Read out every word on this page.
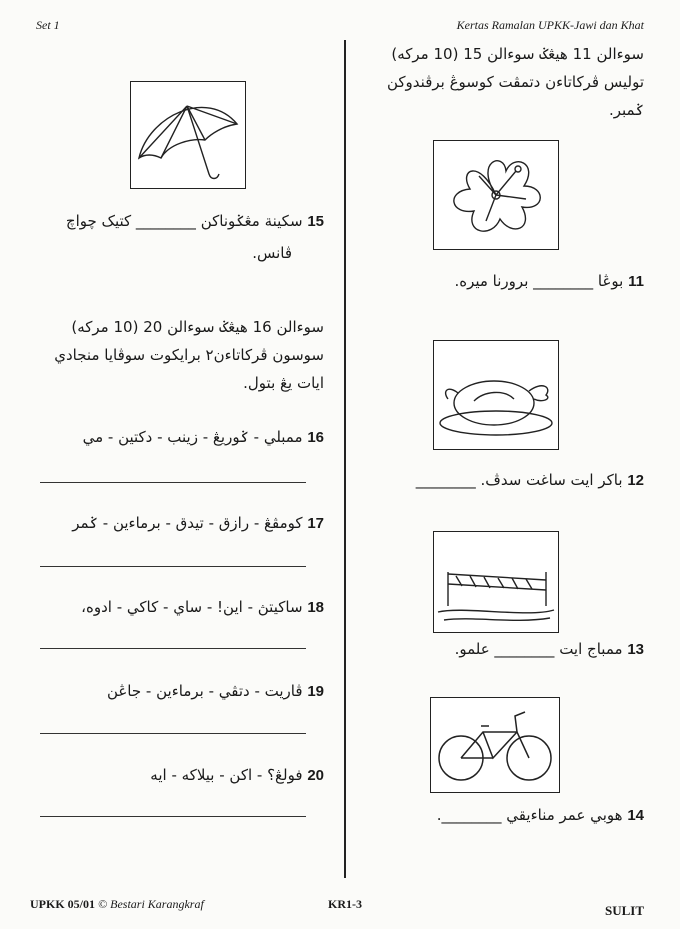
Set 1	Kertas Ramalan UPKK-Jawi dan Khat
سوءالن 11 هيڠݢ سوءالن 15 (10 مرکه)
توليس ڤرکاتاءن دتمڤت کوسوڠ برڤندوکن
ݢمبر.
11 بوڠا ________ برورنا ميره.
12 باکر ايت ساغت سدڤ. ________
13 ممباج ايت ________ علمو.
14 هوبي عمر مناءيقي ________.
15 سکينة مڠݢوناکن ________ کتيک چواچ
ڤانس.
سوءالن 16 هيڠݢ سوءالن 20 (10 مرکه)
سوسون ڤرکاتاءن٢ برايکوت سوڤايا منجادي
ايات يڠ بتول.
16 ممبلي - ݢوريڠ - زينب - دکتين - مي
17 کومڤڠ - رازق - تيدق - برماءين - ݢمر
18 ساکيتڽ - اين! - ساي - کاکي - ادوه،
19 ڤاريت - دتڤي - برماءين - جاڠن
20 فولڠ؟ - اکن - بيلاکه - ايه
UPKK 05/01 © Bestari Karangkraf	KR1-3	SULIT
